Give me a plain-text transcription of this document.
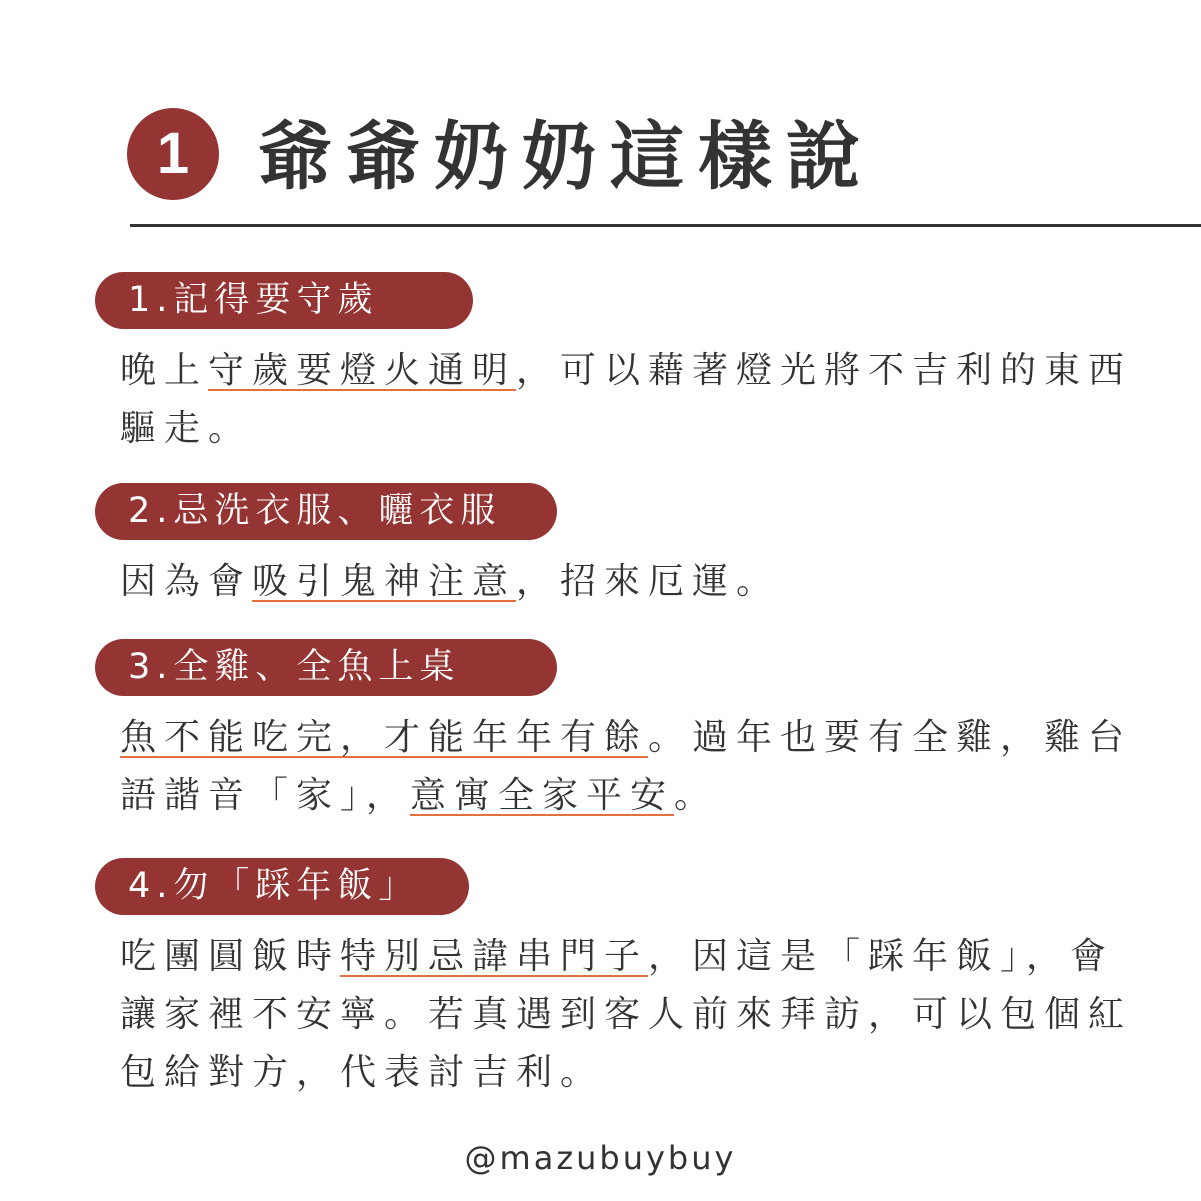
1 爺爺奶奶這樣說
1.記得要守歲
晚上守歲要燈火通明，可以藉著燈光將不吉利的東西
驅走。
2.忌洗衣服、曬衣服
因為會吸引鬼神注意，招來厄運。
3.全雞、全魚上桌
魚不能吃完，才能年年有餘。過年也要有全雞，雞台
語諧音「家」，意寓全家平安。
4.勿「踩年飯」
吃團圓飯時特別忌諱串門子，因這是「踩年飯」，會
讓家裡不安寧。若真遇到客人前來拜訪，可以包個紅
包給對方，代表討吉利。
@mazubuybuy
